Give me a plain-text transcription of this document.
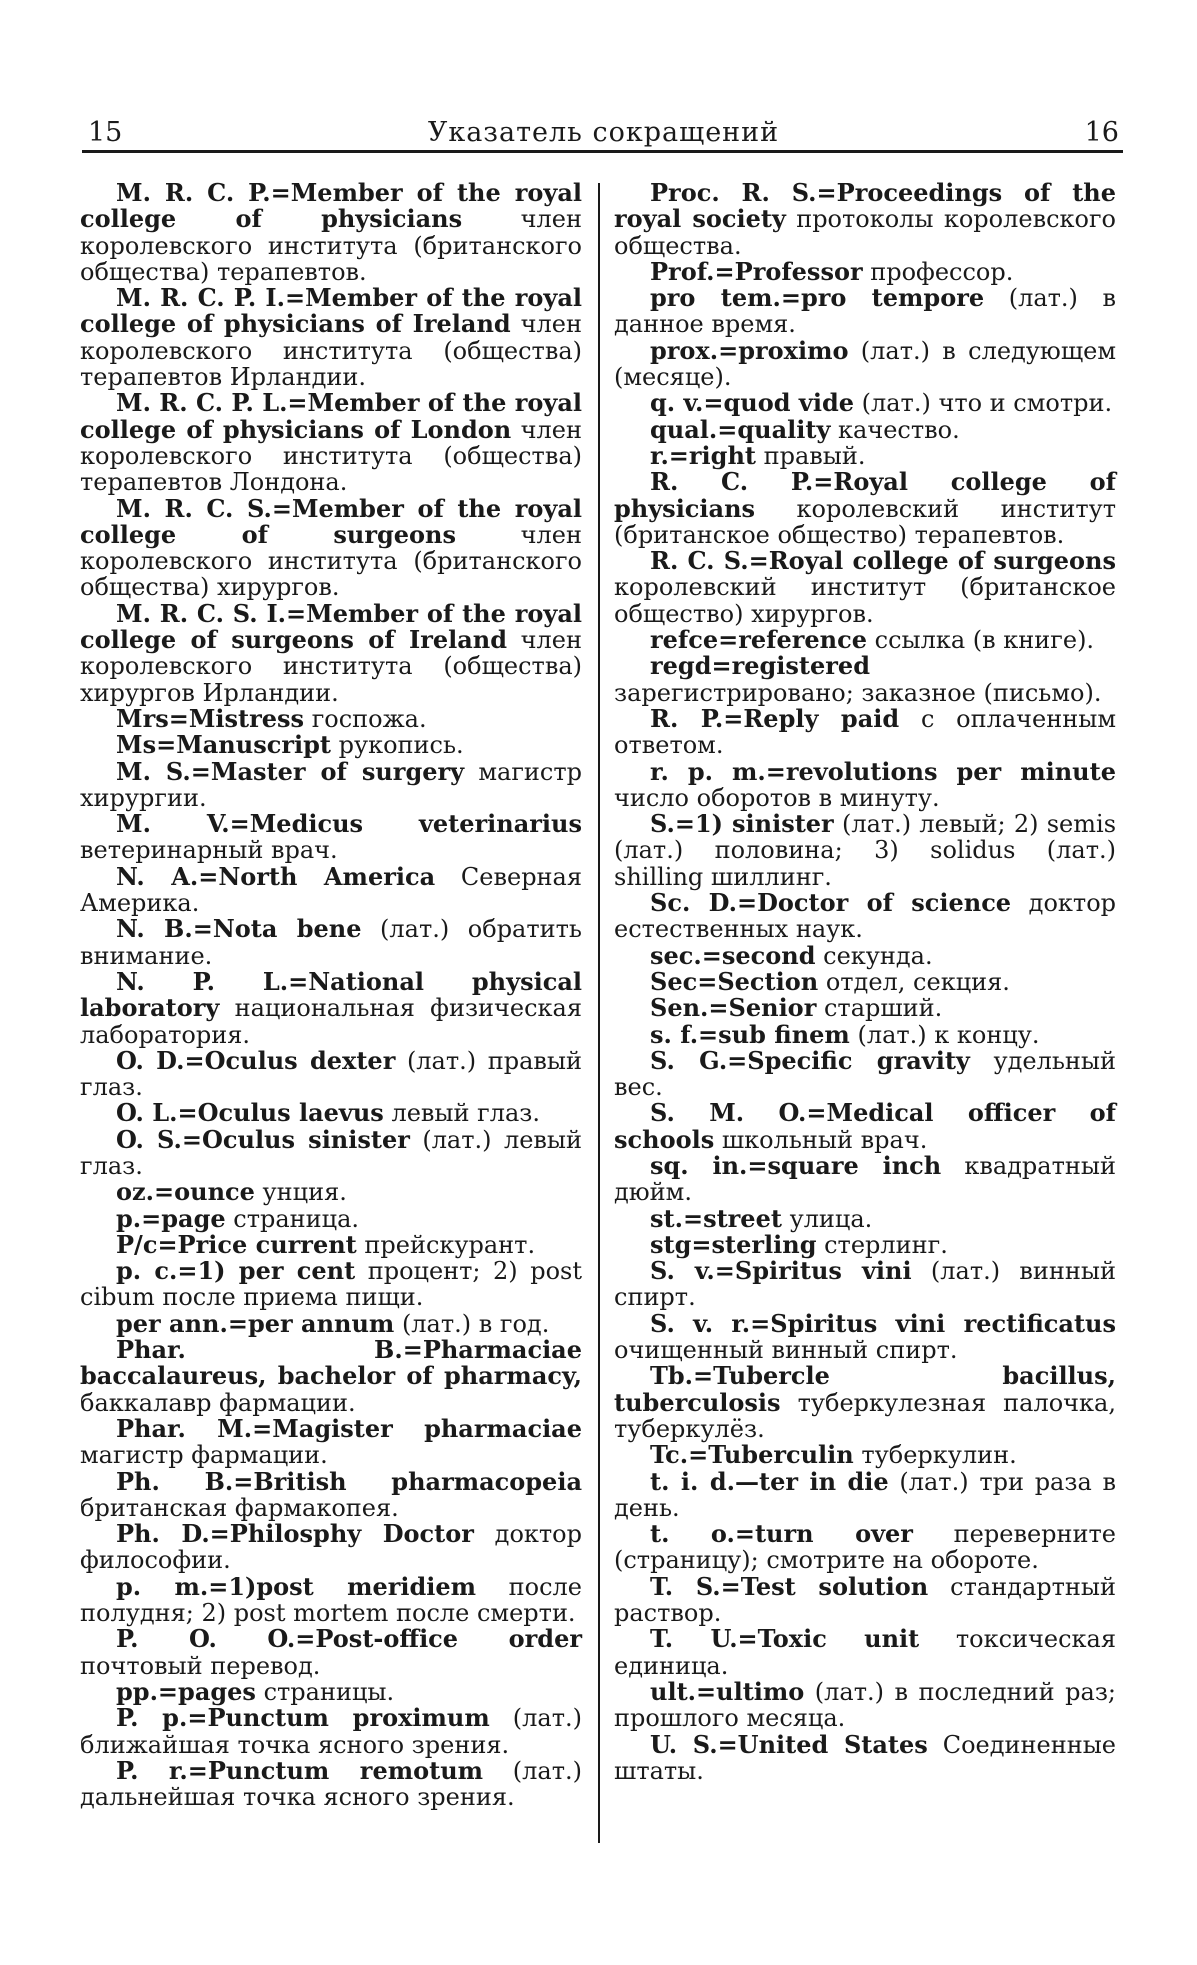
15	Указатель сокращений	16

M. R. C. P.=Member of the royal college of physicians член королевского института (британского общества) терапевтов.

M. R. C. P. I.=Member of the royal college of physicians of Ireland член королевского института (общества) терапевтов Ирландии.

M. R. C. P. L.=Member of the royal college of physicians of London член королевского института (общества) терапевтов Лондона.

M. R. C. S.=Member of the royal college of surgeons член королевского института (британского общества) хирургов.

M. R. C. S. I.=Member of the royal college of surgeons of Ireland член королевского института (общества) хирургов Ирландии.

Mrs=Mistress госпожа.

Ms=Manuscript рукопись.

M. S.=Master of surgery магистр хирургии.

M. V.=Medicus veterinarius ветеринарный врач.

N. A.=North America Северная Америка.

N. B.=Nota bene (лат.) обратить внимание.

N. P. L.=National physical laboratory национальная физическая лаборатория.

O. D.=Oculus dexter (лат.) правый глаз.

O. L.=Oculus laevus левый глаз.

O. S.=Oculus sinister (лат.) левый глаз.

oz.=ounce унция.

p.=page страница.

P/c=Price current прейскурант.

p. c.=1) per cent процент; 2) post cibum после приема пищи.

per ann.=per annum (лат.) в год.

Phar. B.=Pharmaciae baccalaureus, bachelor of pharmacy, баккалавр фармации.

Phar. M.=Magister pharmaciae магистр фармации.

Ph. B.=British pharmacopeia британская фармакопея.

Ph. D.=Philosphy Doctor доктор философии.

p. m.=1)post meridiem после полудня; 2) post mortem после смерти.

P. O. O.=Post-office order почтовый перевод.

pp.=pages страницы.

P. p.=Punctum proximum (лат.) ближайшая точка ясного зрения.

P. r.=Punctum remotum (лат.) дальнейшая точка ясного зрения.

Proc. R. S.=Proceedings of the royal society протоколы королевского общества.

Prof.=Professor професcор.

pro tem.=pro tempore (лат.) в данное время.

prox.=proximo (лат.) в следующем (месяце).

q. v.=quod vide (лат.) что и смотри.

qual.=quality качество.

r.=right правый.

R. C. P.=Royal college of physicians королевский институт (британское общество) терапевтов.

R. C. S.=Royal college of surgeons королевский институт (британское общество) хирургов.

refce=reference ссылка (в книге).

regd=registered зарегистрировано; заказное (письмо).

R. P.=Reply paid с оплаченным ответом.

r. p. m.=revolutions per minute число оборотов в минуту.

S.=1) sinister (лат.) левый; 2) semis (лат.) половина; 3) solidus (лат.) shilling шиллинг.

Sc. D.=Doctor of science доктор естественных наук.

sec.=second секунда.

Sec=Section отдел, секция.

Sen.=Senior старший.

s. f.=sub finem (лат.) к концу.

S. G.=Specific gravity удельный вес.

S. M. O.=Medical officer of schools школьный врач.

sq. in.=square inch квадратный дюйм.

st.=street улица.

stg=sterling стерлинг.

S. v.=Spiritus vini (лат.) винный спирт.

S. v. r.=Spiritus vini rectificatus очищенный винный спирт.

Tb.=Tubercle bacillus, tuberculosis туберкулезная палочка, туберкулёз.

Tc.=Tuberculin туберкулин.

t. i. d.—ter in die (лат.) три раза в день.

t. o.=turn over переверните (страницу); смотрите на обороте.

T. S.=Test solution стандартный раствор.

T. U.=Toxic unit токсическая единица.

ult.=ultimo (лат.) в последний раз; прошлого месяца.

U. S.=United States Соединенные штаты.
